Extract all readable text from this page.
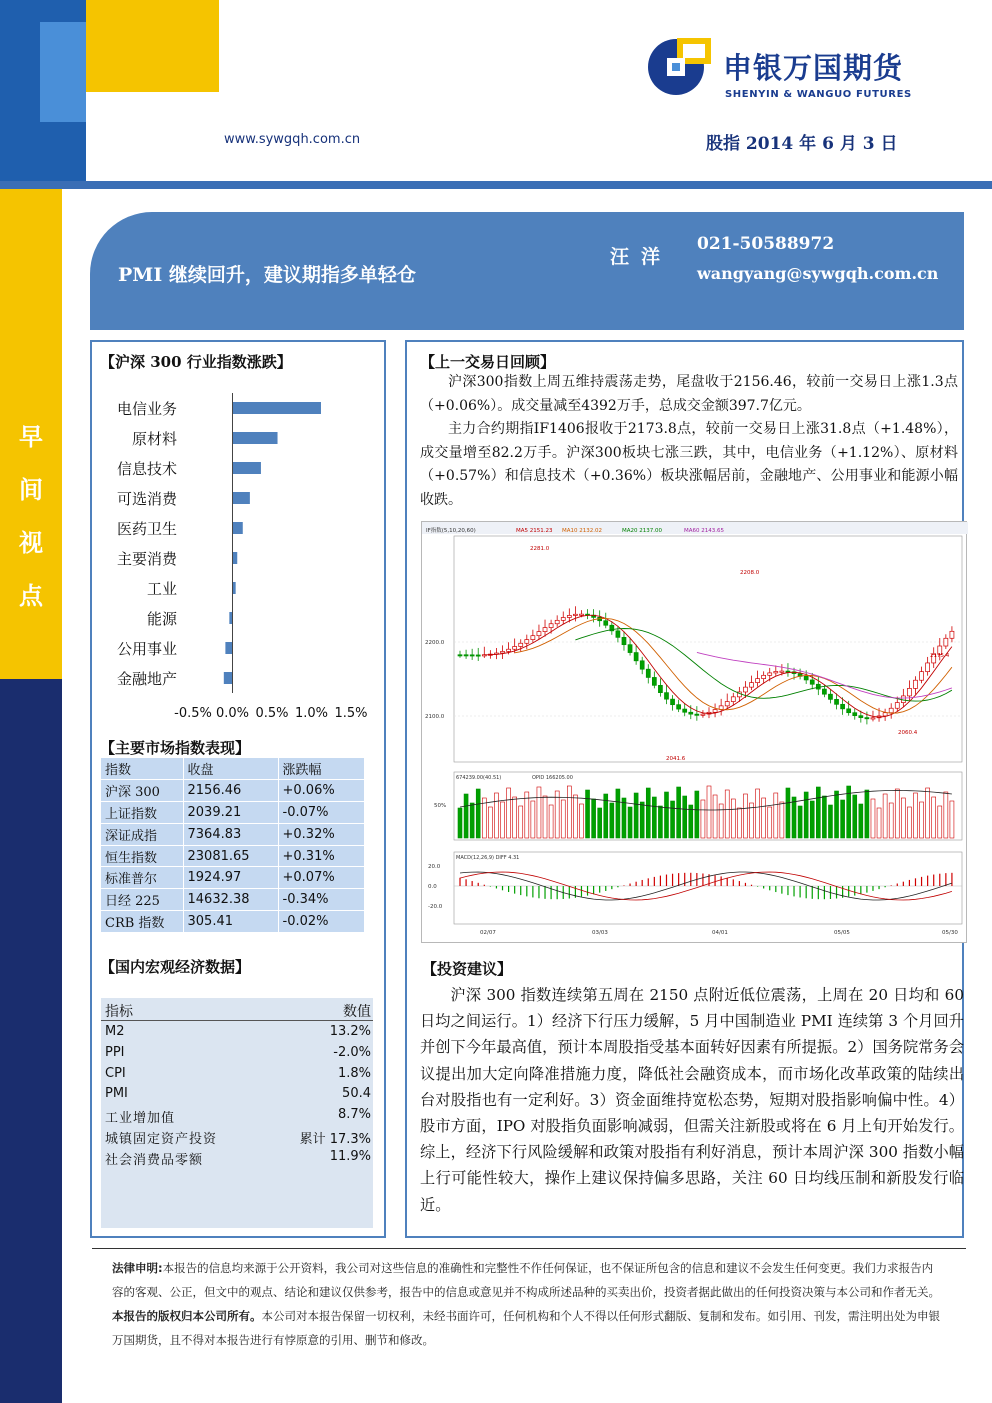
申银万国期货
SHENYIN & WANGUO FUTURES
www.sywgqh.com.cn	股指 2014 年 6 月 3 日
早间视点
PMI 继续回升，建议期指多单轻仓
汪洋
021-50588972
wangyang@sywgqh.com.cn
【沪深 300 行业指数涨跌】
电信业务
原材料
信息技术
可选消费
医药卫生
主要消费
工业
能源
公用事业
金融地产
-0.5% 0.0% 0.5% 1.0% 1.5%
【主要市场指数表现】
指数	收盘	涨跌幅
沪深 300	2156.46	+0.06%
上证指数	2039.21	-0.07%
深证成指	7364.83	+0.32%
恒生指数	23081.65	+0.31%
标准普尔	1924.97	+0.07%
日经 225	14632.38	-0.34%
CRB 指数	305.41	-0.02%
【国内宏观经济数据】
指标	数值
M2	13.2%
PPI	-2.0%
CPI	1.8%
PMI	50.4
工业增加值	8.7%
城镇固定资产投资	累计 17.3%
社会消费品零额	11.9%
【上一交易日回顾】
沪深300指数上周五维持震荡走势，尾盘收于2156.46，较前一交易日上涨1.3点（+0.06%）。成交量减至4392万手，总成交金额397.7亿元。
主力合约期指IF1406报收于2173.8点，较前一交易日上涨31.8点（+1.48%），成交量增至82.2万手。沪深300板块七涨三跌，其中，电信业务（+1.12%）、原材料（+0.57%）和信息技术（+0.36%）板块涨幅居前，金融地产、公用事业和能源小幅收跌。
IF指数(5,10,20,60)	MA5 2151.23 MA10 2132.02	MA20 2137.00	MA60 2143.65
2200.0
2100.0
2281.0
2208.0
2175.4
2041.6
2060.4
674239.00(40.51)	OPID 166205.00
50%
MACD(12,26,9) DIFF 4.31
20.0
0.0
-20.0
02/07	03/03	04/01	05/05	05/30
【投资建议】
沪深 300 指数连续第五周在 2150 点附近低位震荡，上周在 20 日均和 60 日均之间运行。1）经济下行压力缓解，5 月中国制造业 PMI 连续第 3 个月回升并创下今年最高值，预计本周股指受基本面转好因素有所提振。2）国务院常务会议提出加大定向降准措施力度，降低社会融资成本，而市场化改革政策的陆续出台对股指也有一定利好。3）资金面维持宽松态势，短期对股指影响偏中性。4）股市方面，IPO 对股指负面影响减弱，但需关注新股或将在 6 月上旬开始发行。综上，经济下行风险缓解和政策对股指有利好消息，预计本周沪深 300 指数小幅上行可能性较大，操作上建议保持偏多思路，关注 60 日均线压制和新股发行临近。
法律申明:本报告的信息均来源于公开资料，我公司对这些信息的准确性和完整性不作任何保证，也不保证所包含的信息和建议不会发生任何变更。我们力求报告内容的客观、公正，但文中的观点、结论和建议仅供参考，报告中的信息或意见并不构成所述品种的买卖出价，投资者据此做出的任何投资决策与本公司和作者无关。
本报告的版权归本公司所有。本公司对本报告保留一切权利，未经书面许可，任何机构和个人不得以任何形式翻版、复制和发布。如引用、刊发，需注明出处为申银万国期货，且不得对本报告进行有悖原意的引用、删节和修改。
